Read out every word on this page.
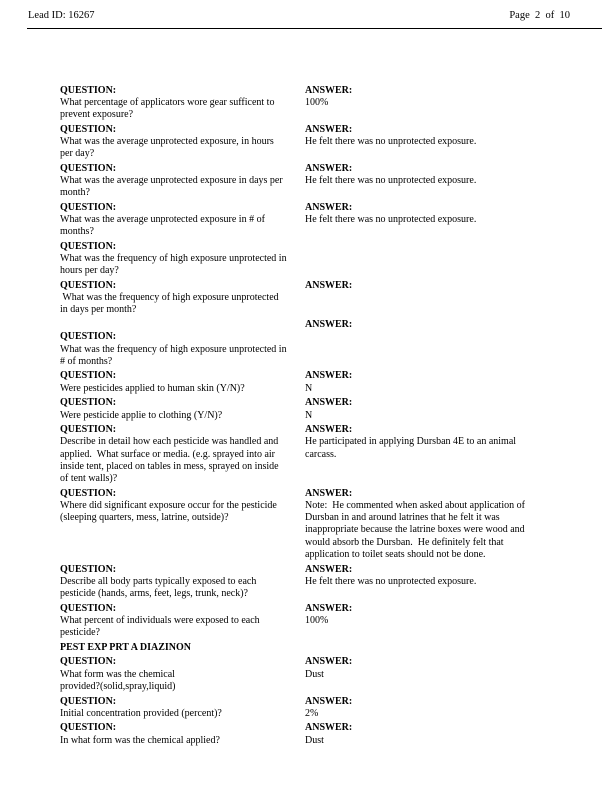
Lead ID: 16267	Page  2  of  10
QUESTION:	ANSWER:
What percentage of applicators wore gear sufficent to	100%
prevent exposure?
QUESTION:	ANSWER:
What was the average unprotected exposure, in hours	He felt there was no unprotected exposure.
per day?
QUESTION:	ANSWER:
What was the average unprotected exposure in days per	He felt there was no unprotected exposure.
month?
QUESTION:	ANSWER:
What was the average unprotected exposure in # of	He felt there was no unprotected exposure.
months?
QUESTION:
What was the frequency of high exposure unprotected in
hours per day?
QUESTION:	ANSWER:
What was the frequency of high exposure unprotected
in days per month?
ANSWER:
QUESTION:
What was the frequency of high exposure unprotected in
# of months?
QUESTION:	ANSWER:
Were pesticides applied to human skin (Y/N)?	N
QUESTION:	ANSWER:
Were pesticide applie to clothing (Y/N)?	N
QUESTION:	ANSWER:
Describe in detail how each pesticide was handled and	He participated in applying Dursban 4E to an animal
applied.  What surface or media. (e.g. sprayed into air	carcass.
inside tent, placed on tables in mess, sprayed on inside
of tent walls)?
QUESTION:	ANSWER:
Where did significant exposure occur for the pesticide	Note:  He commented when asked about application of
(sleeping quarters, mess, latrine, outside)?	Dursban in and around latrines that he felt it was
inappropriate because the latrine boxes were wood and
would absorb the Dursban.  He definitely felt that
application to toilet seats should not be done.
QUESTION:	ANSWER:
Describe all body parts typically exposed to each	He felt there was no unprotected exposure.
pesticide (hands, arms, feet, legs, trunk, neck)?
QUESTION:	ANSWER:
What percent of individuals were exposed to each	100%
pesticide?
PEST EXP PRT A DIAZINON
QUESTION:	ANSWER:
What form was the chemical	Dust
provided?(solid,spray,liquid)
QUESTION:	ANSWER:
Initial concentration provided (percent)?	2%
QUESTION:	ANSWER:
In what form was the chemical applied?	Dust
